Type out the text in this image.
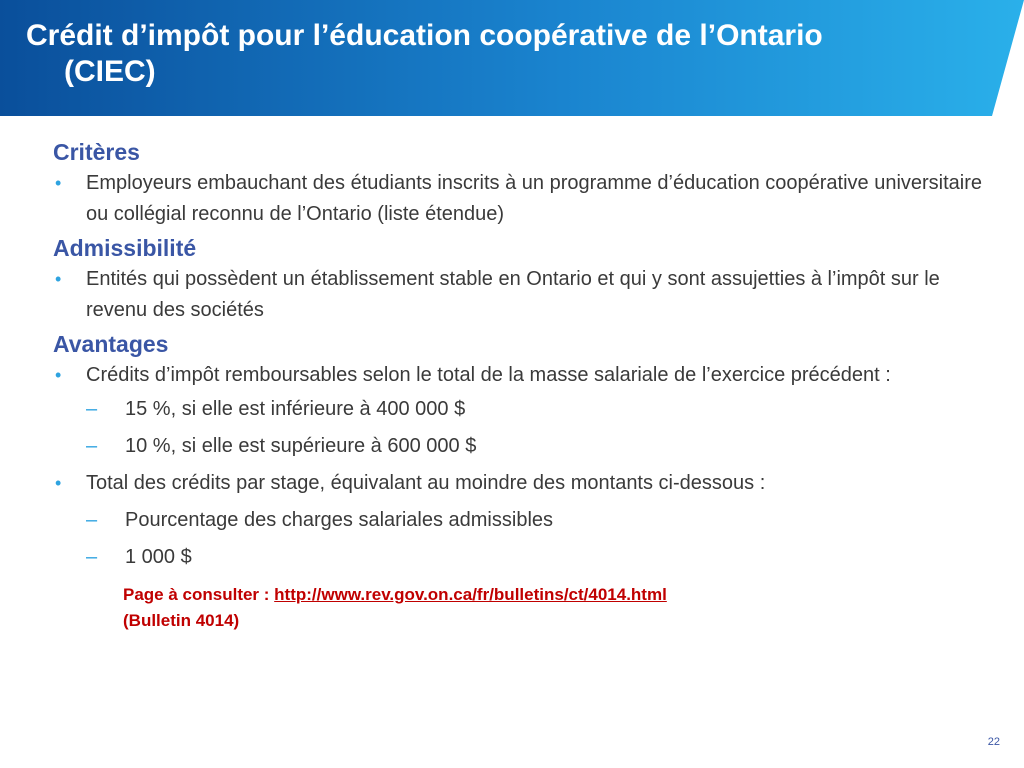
Crédit d’impôt pour l’éducation coopérative de l’Ontario
(CIEC)

Critères

• Employeurs embauchant des étudiants inscrits à un programme d’éducation coopérative universitaire ou collégial reconnu de l’Ontario (liste étendue)

Admissibilité

• Entités qui possèdent un établissement stable en Ontario et qui y sont assujetties à l’impôt sur le revenu des sociétés

Avantages

• Crédits d’impôt remboursables selon le total de la masse salariale de l’exercice précédent :

– 15 %, si elle est inférieure à 400 000 $

– 10 %, si elle est supérieure à 600 000 $

• Total des crédits par stage, équivalant au moindre des montants ci-dessous :

– Pourcentage des charges salariales admissibles

– 1 000 $

Page à consulter : http://www.rev.gov.on.ca/fr/bulletins/ct/4014.html
(Bulletin 4014)
22
